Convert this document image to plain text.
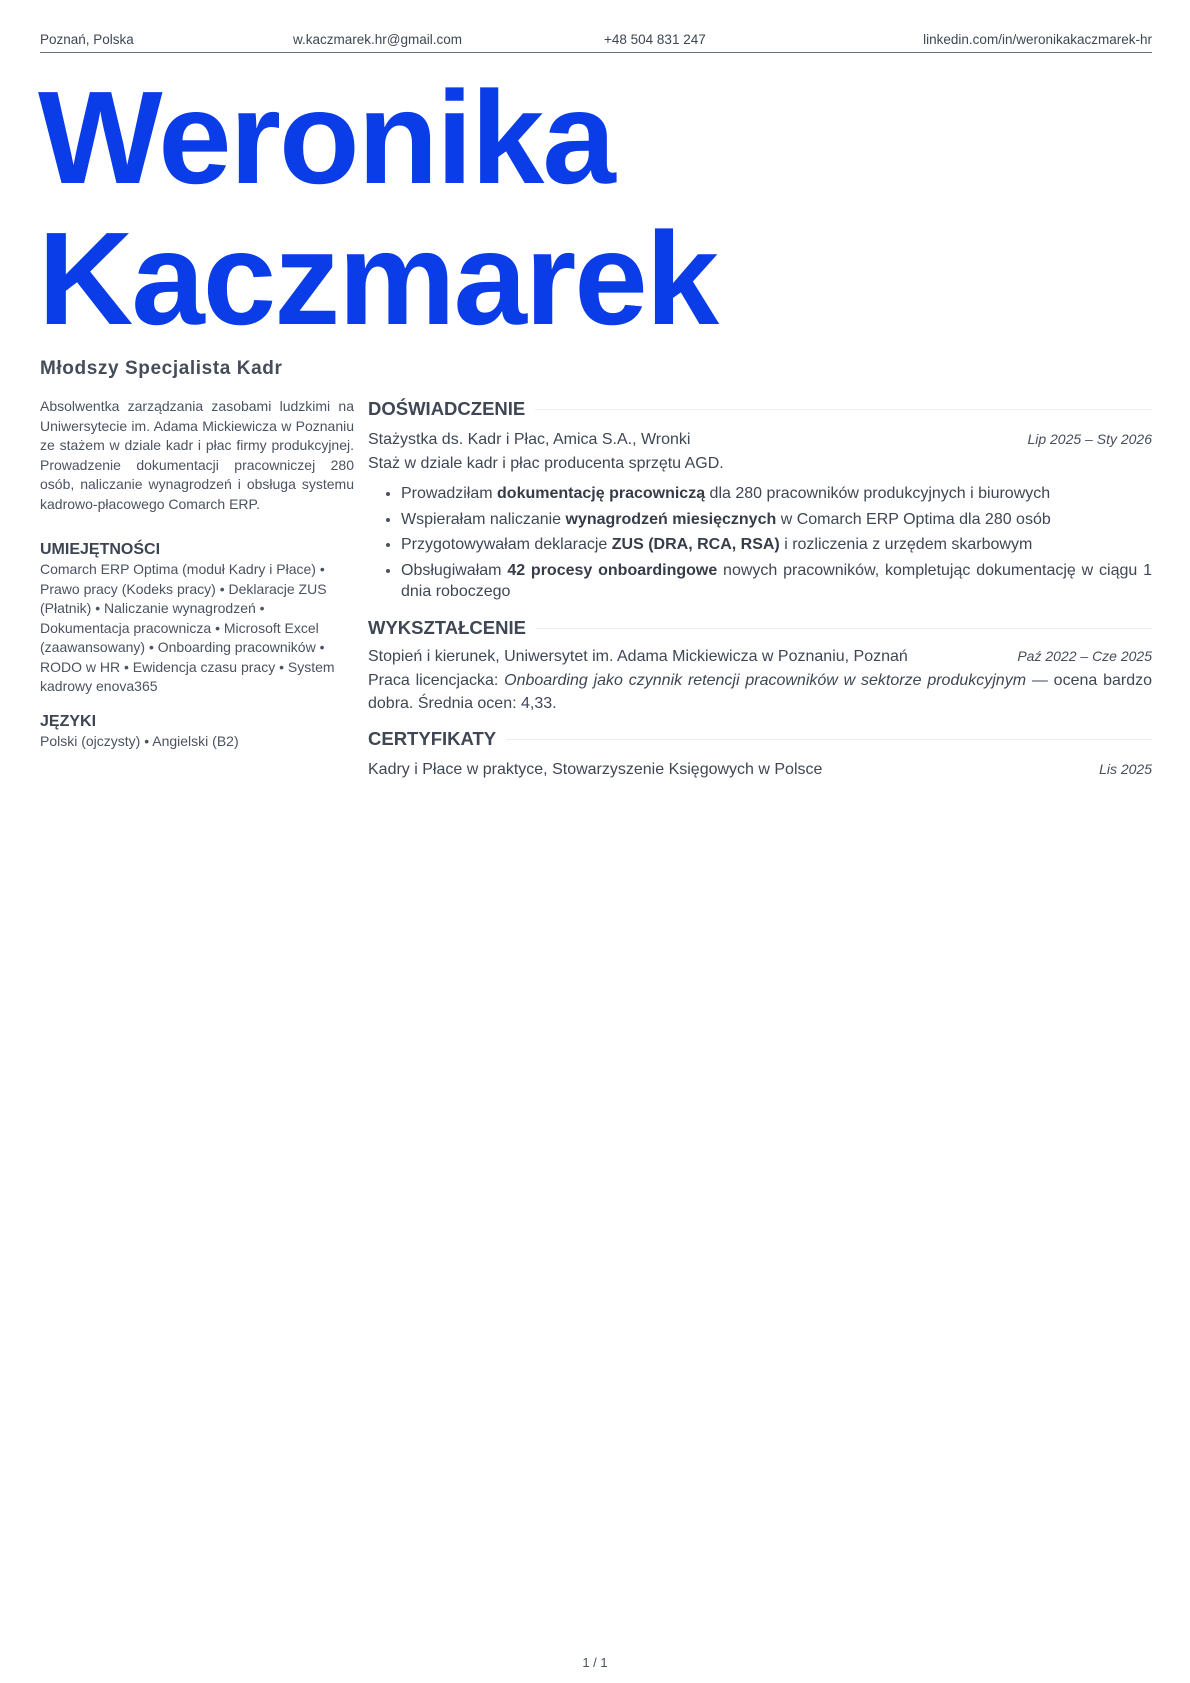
Poznań, Polska	w.kaczmarek.hr@gmail.com	+48 504 831 247	linkedin.com/in/weronikakaczmarek-hr
Weronika
Kaczmarek
Młodszy Specjalista Kadr

Absolwentka zarządzania zasobami ludzkimi na Uniwersytecie im. Adama Mickiewicza w Poznaniu ze stażem w dziale kadr i płac firmy produkcyjnej. Prowadzenie dokumentacji pracowniczej 280 osób, naliczanie wynagrodzeń i obsługa systemu kadrowo-płacowego Comarch ERP.

UMIEJĘTNOŚCI

Comarch ERP Optima (moduł Kadry i Płace) • Prawo pracy (Kodeks pracy) • Deklaracje ZUS (Płatnik) • Naliczanie wynagrodzeń • Dokumentacja pracownicza • Microsoft Excel (zaawansowany) • Onboarding pracowników • RODO w HR • Ewidencja czasu pracy • System kadrowy enova365

JĘZYKI

Polski (ojczysty) • Angielski (B2)

DOŚWIADCZENIE
Stażystka ds. Kadr i Płac, Amica S.A., Wronki	Lip 2025 – Sty 2026
Staż w dziale kadr i płac producenta sprzętu AGD.
• Prowadziłam dokumentację pracowniczą dla 280 pracowników produkcyjnych i biurowych
• Wspierałam naliczanie wynagrodzeń miesięcznych w Comarch ERP Optima dla 280 osób
• Przygotowywałam deklaracje ZUS (DRA, RCA, RSA) i rozliczenia z urzędem skarbowym
• Obsługiwałam 42 procesy onboardingowe nowych pracowników, kompletując dokumentację w ciągu 1 dnia roboczego
WYKSZTAŁCENIE
Stopień i kierunek, Uniwersytet im. Adama Mickiewicza w Poznaniu, Poznań	Paź 2022 – Cze 2025
Praca licencjacka: Onboarding jako czynnik retencji pracowników w sektorze produkcyjnym — ocena bardzo dobra. Średnia ocen: 4,33.
CERTYFIKATY
Kadry i Płace w praktyce, Stowarzyszenie Księgowych w Polsce	Lis 2025
1 / 1
